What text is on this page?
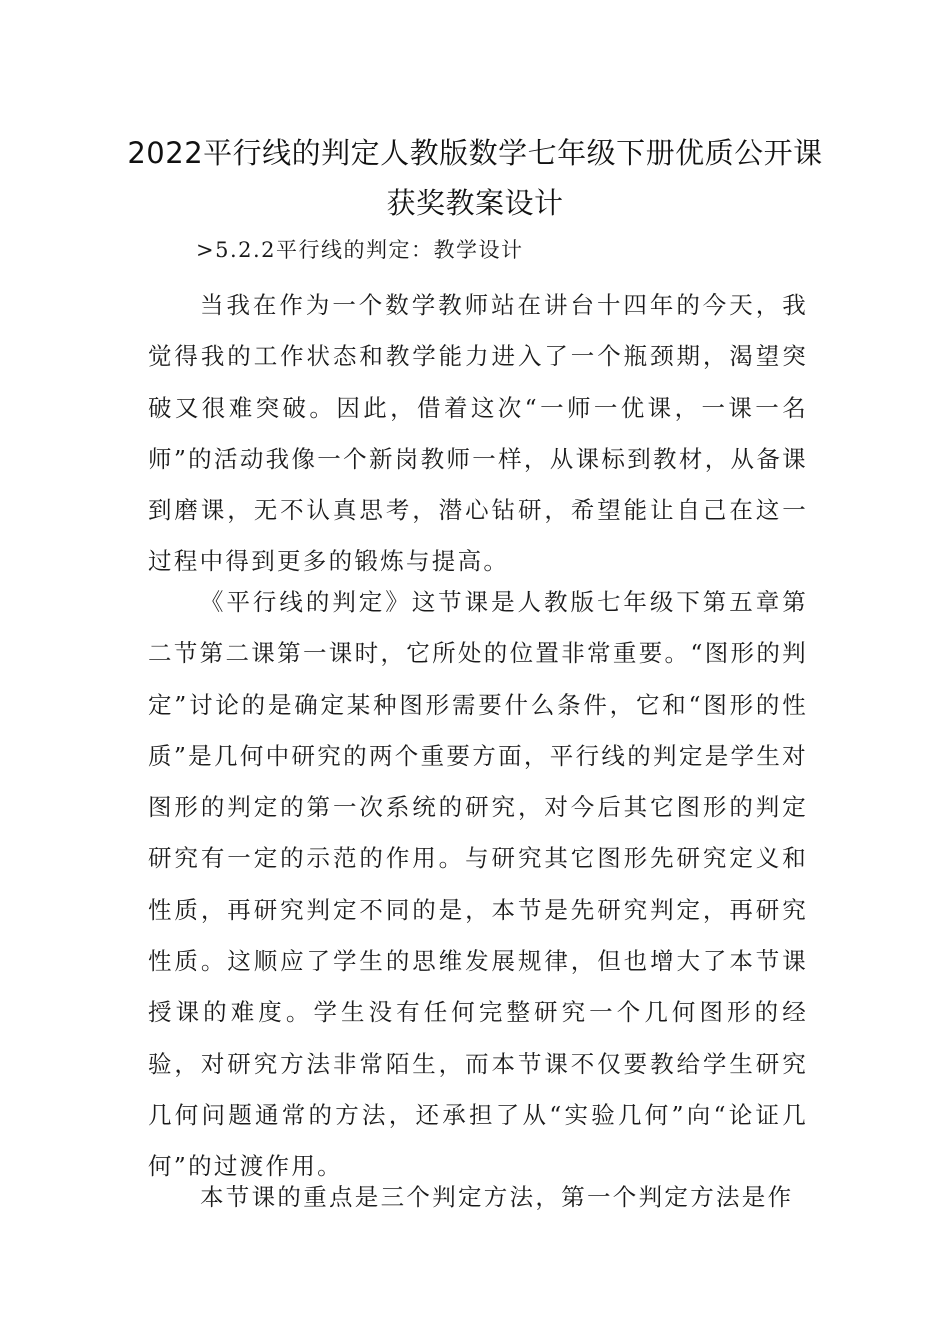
2022平行线的判定人教版数学七年级下册优质公开课获奖教案设计
>5.2.2平行线的判定：教学设计

当我在作为一个数学教师站在讲台十四年的今天，我觉得我的工作状态和教学能力进入了一个瓶颈期，渴望突破又很难突破。因此，借着这次“一师一优课，一课一名师”的活动我像一个新岗教师一样，从课标到教材，从备课到磨课，无不认真思考，潜心钻研，希望能让自己在这一过程中得到更多的锻炼与提高。

《平行线的判定》这节课是人教版七年级下第五章第二节第二课第一课时，它所处的位置非常重要。“图形的判定”讨论的是确定某种图形需要什么条件，它和“图形的性质”是几何中研究的两个重要方面，平行线的判定是学生对图形的判定的第一次系统的研究，对今后其它图形的判定研究有一定的示范的作用。与研究其它图形先研究定义和性质，再研究判定不同的是，本节是先研究判定，再研究性质。这顺应了学生的思维发展规律，但也增大了本节课授课的难度。学生没有任何完整研究一个几何图形的经验，对研究方法非常陌生，而本节课不仅要教给学生研究几何问题通常的方法，还承担了从“实验几何”向“论证几何”的过渡作用。

本节课的重点是三个判定方法，第一个判定方法是作
